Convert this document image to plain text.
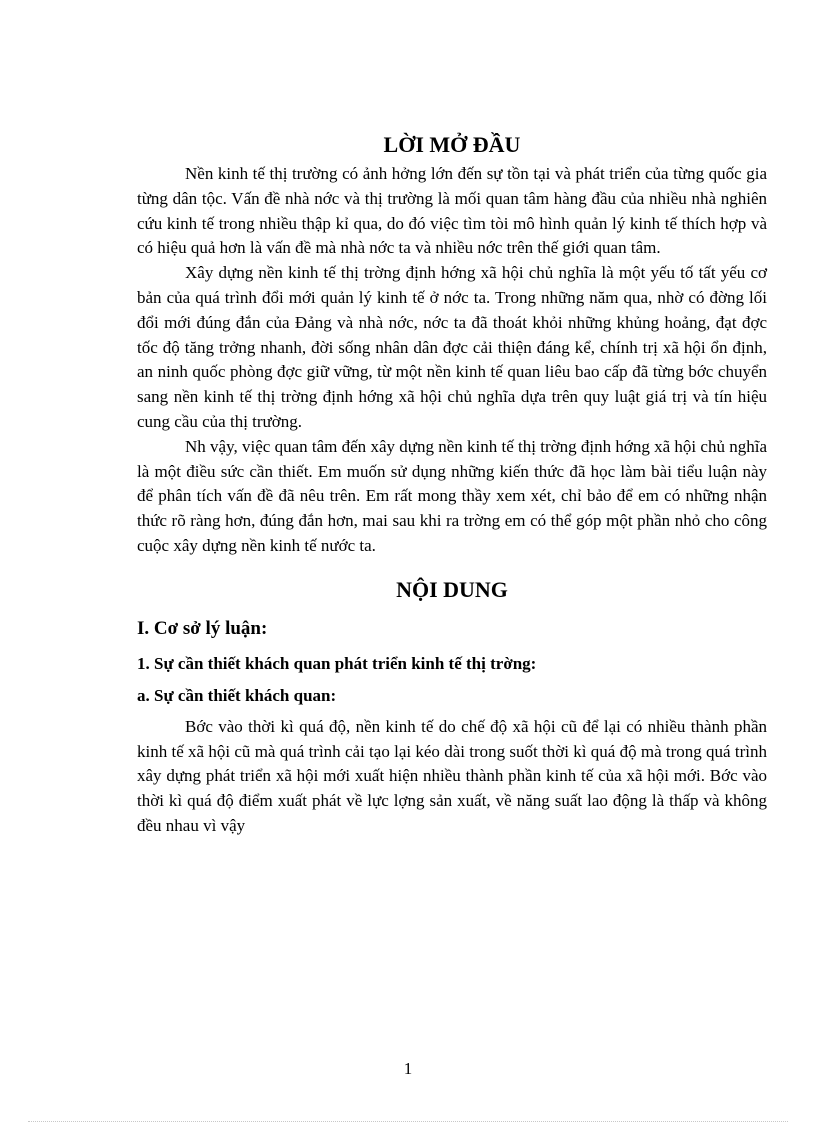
LỜI MỞ ĐẦU

Nền kinh tế thị trường có ảnh hởng lớn đến sự tồn tại và phát triển của từng quốc gia từng dân tộc. Vấn đề nhà nớc và thị trường là mối quan tâm hàng đầu của nhiều nhà nghiên cứu kinh tế trong nhiều thập kỉ qua, do đó việc tìm tòi mô hình quản lý kinh tế thích hợp và có hiệu quả hơn là vấn đề mà nhà nớc ta và nhiều nớc trên thế giới quan tâm.

Xây dựng nền kinh tế thị trờng định hớng xã hội chủ nghĩa là một yếu tố tất yếu cơ bản của quá trình đổi mới quản lý kinh tế ở nớc ta. Trong những năm qua, nhờ có đờng lối đổi mới đúng đắn của Đảng và nhà nớc, nớc ta đã thoát khỏi những khủng hoảng, đạt đợc tốc độ tăng trởng nhanh, đời sống nhân dân đợc cải thiện đáng kể, chính trị xã hội ổn định, an ninh quốc phòng đợc giữ vững, từ một nền kinh tế quan liêu bao cấp đã từng bớc chuyển sang nền kinh tế thị trờng định hớng xã hội chủ nghĩa dựa trên quy luật giá trị và tín hiệu cung cầu của thị trường.

Nh vậy, việc quan tâm đến xây dựng nền kinh tế thị trờng định hớng xã hội chủ nghĩa là một điều sức cần thiết. Em muốn sử dụng những kiến thức đã học làm bài tiểu luận này để phân tích vấn đề đã nêu trên. Em rất mong thầy xem xét, chỉ bảo để em có những nhận thức rõ ràng hơn, đúng đắn hơn, mai sau khi ra trờng em có thể góp một phần nhỏ cho công cuộc xây dựng nền kinh tế nước ta.

NỘI DUNG
I. Cơ sở lý luận:
1. Sự cần thiết khách quan phát triển kinh tế thị trờng:
a. Sự cần thiết khách quan:

Bớc vào thời kì quá độ, nền kinh tế do chế độ xã hội cũ để lại có nhiều thành phần kinh tế xã hội cũ mà quá trình cải tạo lại kéo dài trong suốt thời kì quá độ mà trong quá trình xây dựng phát triển xã hội mới xuất hiện nhiều thành phần kinh tế của xã hội mới. Bớc vào thời kì quá độ điểm xuất phát về lực lợng sản xuất, về năng suất lao động là thấp và không đều nhau vì vậy

1
